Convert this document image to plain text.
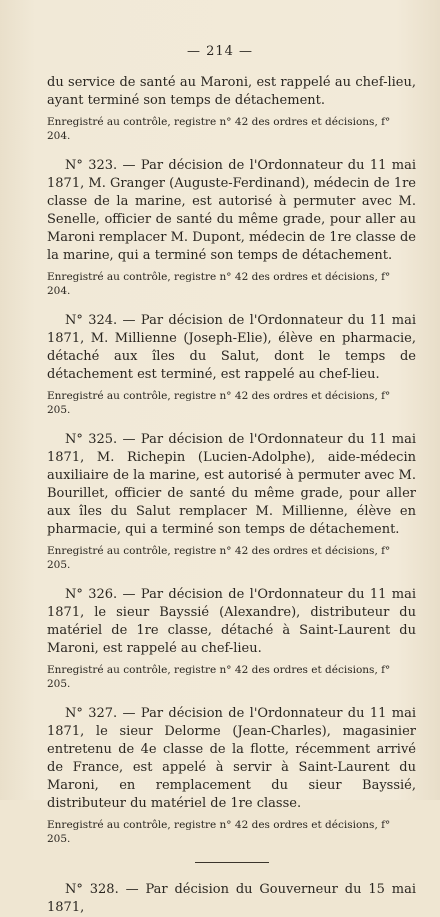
— 214 —

du service de santé au Maroni, est rappelé au chef-lieu, ayant terminé son temps de détachement.

Enregistré au contrôle, registre n° 42 des ordres et décisions, f° 204.

N° 323. — Par décision de l'Ordonnateur du 11 mai 1871, M. Granger (Auguste-Ferdinand), médecin de 1re classe de la marine, est autorisé à permuter avec M. Senelle, officier de santé du même grade, pour aller au Maroni remplacer M. Dupont, médecin de 1re classe de la marine, qui a terminé son temps de détachement.

Enregistré au contrôle, registre n° 42 des ordres et décisions, f° 204.

N° 324. — Par décision de l'Ordonnateur du 11 mai 1871, M. Millienne (Joseph-Elie), élève en pharmacie, détaché aux îles du Salut, dont le temps de détachement est terminé, est rappelé au chef-lieu.

Enregistré au contrôle, registre n° 42 des ordres et décisions, f° 205.

N° 325. — Par décision de l'Ordonnateur du 11 mai 1871, M. Richepin (Lucien-Adolphe), aide-médecin auxiliaire de la marine, est autorisé à permuter avec M. Bourillet, officier de santé du même grade, pour aller aux îles du Salut remplacer M. Millienne, élève en pharmacie, qui a terminé son temps de détachement.

Enregistré au contrôle, registre n° 42 des ordres et décisions, f° 205.

N° 326. — Par décision de l'Ordonnateur du 11 mai 1871, le sieur Bayssié (Alexandre), distributeur du matériel de 1re classe, détaché à Saint-Laurent du Maroni, est rappelé au chef-lieu.

Enregistré au contrôle, registre n° 42 des ordres et décisions, f° 205.

N° 327. — Par décision de l'Ordonnateur du 11 mai 1871, le sieur Delorme (Jean-Charles), magasinier entretenu de 4e classe de la flotte, récemment arrivé de France, est appelé à servir à Saint-Laurent du Maroni, en remplacement du sieur Bayssié, distributeur du matériel de 1re classe.

Enregistré au contrôle, registre n° 42 des ordres et décisions, f° 205.

N° 328. — Par décision du Gouverneur du 15 mai 1871,
